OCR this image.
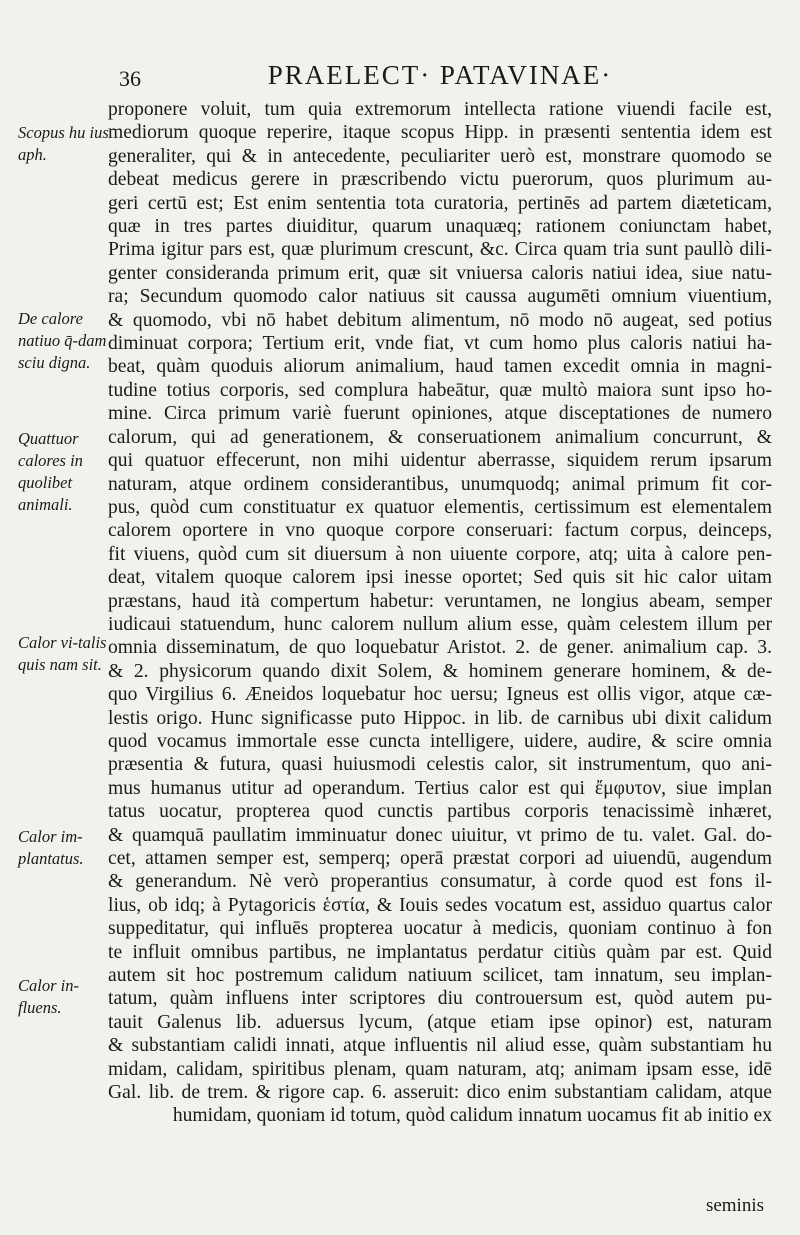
36	PRAELECT· PATAVINAE·
Scopus hu ius aph.
De calore natiuo q̄-dam sciu digna.
Quattuor calores in quolibet animali.
Calor vi-talis quis nam sit.
Calor im-plantatus.
Calor in-fluens.
proponere voluit, tum quia extremorum intellecta ratione viuendi facile est,
mediorum quoque reperire, itaque scopus Hipp. in præsenti sententia idem est
generaliter, qui & in antecedente, peculiariter uerò est, monstrare quomodo se
debeat medicus gerere in præscribendo victu puerorum, quos plurimum au-
geri certū est; Est enim sententia tota curatoria, pertinēs ad partem diæteticam,
quæ in tres partes diuiditur, quarum unaquæq; rationem coniunctam habet,
Prima igitur pars est, quæ plurimum crescunt, &c. Circa quam tria sunt paullò dili-
genter consideranda primum erit, quæ sit vniuersa caloris natiui idea, siue natu-
ra; Secundum quomodo calor natiuus sit caussa augumēti omnium viuentium,
& quomodo, vbi nō habet debitum alimentum, nō modo nō augeat, sed potius
diminuat corpora; Tertium erit, vnde fiat, vt cum homo plus caloris natiui ha-
beat, quàm quoduis aliorum animalium, haud tamen excedit omnia in magni-
tudine totius corporis, sed complura habeātur, quæ multò maiora sunt ipso ho-
mine. Circa primum variè fuerunt opiniones, atque disceptationes de numero
calorum, qui ad generationem, & conseruationem animalium concurrunt, &
qui quatuor effecerunt, non mihi uidentur aberrasse, siquidem rerum ipsarum
naturam, atque ordinem considerantibus, unumquodq; animal primum fit cor-
pus, quòd cum constituatur ex quatuor elementis, certissimum est elementalem
calorem oportere in vno quoque corpore conseruari: factum corpus, deinceps,
fit viuens, quòd cum sit diuersum à non uiuente corpore, atq; uita à calore pen-
deat, vitalem quoque calorem ipsi inesse oportet; Sed quis sit hic calor uitam
præstans, haud ità compertum habetur: veruntamen, ne longius abeam, semper
iudicaui statuendum, hunc calorem nullum alium esse, quàm celestem illum per
omnia disseminatum, de quo loquebatur Aristot. 2. de gener. animalium cap. 3.
& 2. physicorum quando dixit Solem, & hominem generare hominem, & de-
quo Virgilius 6. Æneidos loquebatur hoc uersu; Igneus est ollis vigor, atque cæ-
lestis origo. Hunc significasse puto Hippoc. in lib. de carnibus ubi dixit calidum
quod vocamus immortale esse cuncta intelligere, uidere, audire, & scire omnia
præsentia & futura, quasi huiusmodi celestis calor, sit instrumentum, quo ani-
mus humanus utitur ad operandum. Tertius calor est qui ἔμφυτον, siue implan
tatus uocatur, propterea quod cunctis partibus corporis tenacissimè inhæret,
& quamquā paullatim imminuatur donec uiuitur, vt primo de tu. valet. Gal. do-
cet, attamen semper est, semperq; operā præstat corpori ad uiuendū, augendum
& generandum. Nè verò properantius consumatur, à corde quod est fons il-
lius, ob idq; à Pytagoricis ἑστία, & Iouis sedes vocatum est, assiduo quartus calor
suppeditatur, qui influēs propterea uocatur à medicis, quoniam continuo à fon
te influit omnibus partibus, ne implantatus perdatur citiùs quàm par est. Quid
autem sit hoc postremum calidum natiuum scilicet, tam innatum, seu implan-
tatum, quàm influens inter scriptores diu controuersum est, quòd autem pu-
tauit Galenus lib. aduersus lycum, (atque etiam ipse opinor) est, naturam
& substantiam calidi innati, atque influentis nil aliud esse, quàm substantiam hu
midam, calidam, spiritibus plenam, quam naturam, atq; animam ipsam esse, idē
Gal. lib. de trem. & rigore cap. 6. asseruit: dico enim substantiam calidam, atque
humidam, quoniam id totum, quòd calidum innatum uocamus fit ab initio ex
seminis
